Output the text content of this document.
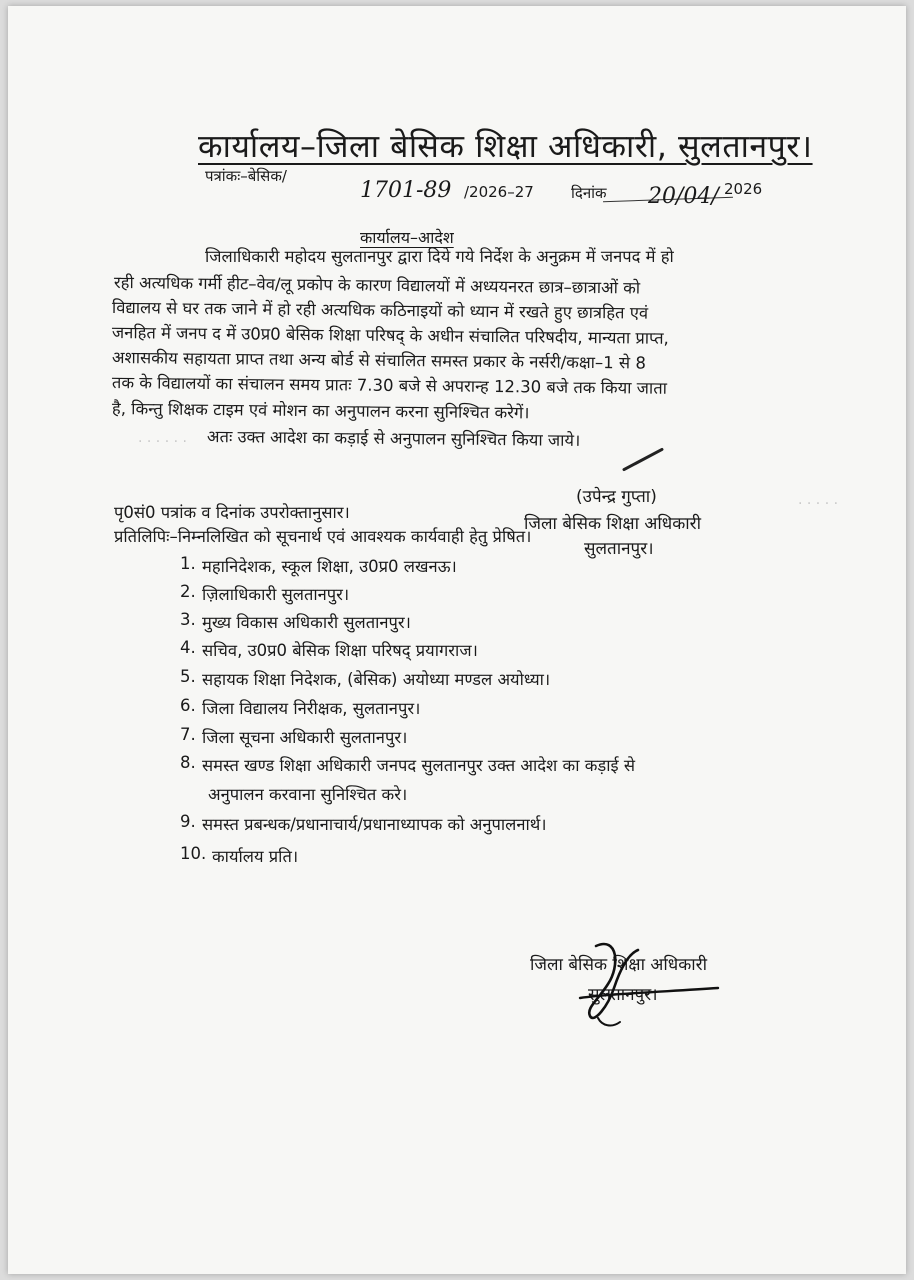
कार्यालय–जिला बेसिक शिक्षा अधिकारी, सुलतानपुर।
पत्रांकः–बेसिक/
1701-89 /2026–27 दिनांक 20/04/ 2026
कार्यालय–आदेश
जिलाधिकारी महोदय सुलतानपुर द्वारा दिये गये निर्देश के अनुक्रम में जनपद में हो
रही अत्यधिक गर्मी हीट–वेव/लू प्रकोप के कारण विद्यालयों में अध्ययनरत छात्र–छात्राओं को
विद्यालय से घर तक जाने में हो रही अत्यधिक कठिनाइयों को ध्यान में रखते हुए छात्रहित एवं
जनहित में जनप द में उ0प्र0 बेसिक शिक्षा परिषद् के अधीन संचालित परिषदीय, मान्यता प्राप्त,
अशासकीय सहायता प्राप्त तथा अन्य बोर्ड से संचालित समस्त प्रकार के नर्सरी/कक्षा–1 से 8
तक के विद्यालयों का संचालन समय प्रातः 7.30 बजे से अपरान्ह 12.30 बजे तक किया जाता
है, किन्तु शिक्षक टाइम एवं मोशन का अनुपालन करना सुनिश्चित करेगें।
अतः उक्त आदेश का कड़ाई से अनुपालन सुनिश्चित किया जाये।
· · · · · ·
· · · · ·
(उपेन्द्र गुप्ता)
जिला बेसिक शिक्षा अधिकारी
सुलतानपुर।
पृ0सं0 पत्रांक व दिनांक उपरोक्तानुसार।
प्रतिलिपिः–निम्नलिखित को सूचनार्थ एवं आवश्यक कार्यवाही हेतु प्रेषित।
1. महानिदेशक, स्कूल शिक्षा, उ0प्र0 लखनऊ।
2. ज़िलाधिकारी सुलतानपुर।
3. मुख्य विकास अधिकारी सुलतानपुर।
4. सचिव, उ0प्र0 बेसिक शिक्षा परिषद् प्रयागराज।
5. सहायक शिक्षा निदेशक, (बेसिक) अयोध्या मण्डल अयोध्या।
6. जिला विद्यालय निरीक्षक, सुलतानपुर।
7. जिला सूचना अधिकारी सुलतानपुर।
8. समस्त खण्ड शिक्षा अधिकारी जनपद सुलतानपुर उक्त आदेश का कड़ाई से
अनुपालन करवाना सुनिश्चित करे।
9. समस्त प्रबन्धक/प्रधानाचार्य/प्रधानाध्यापक को अनुपालनार्थ।
10. कार्यालय प्रति।
जिला बेसिक शिक्षा अधिकारी
सुलतानपुर।
